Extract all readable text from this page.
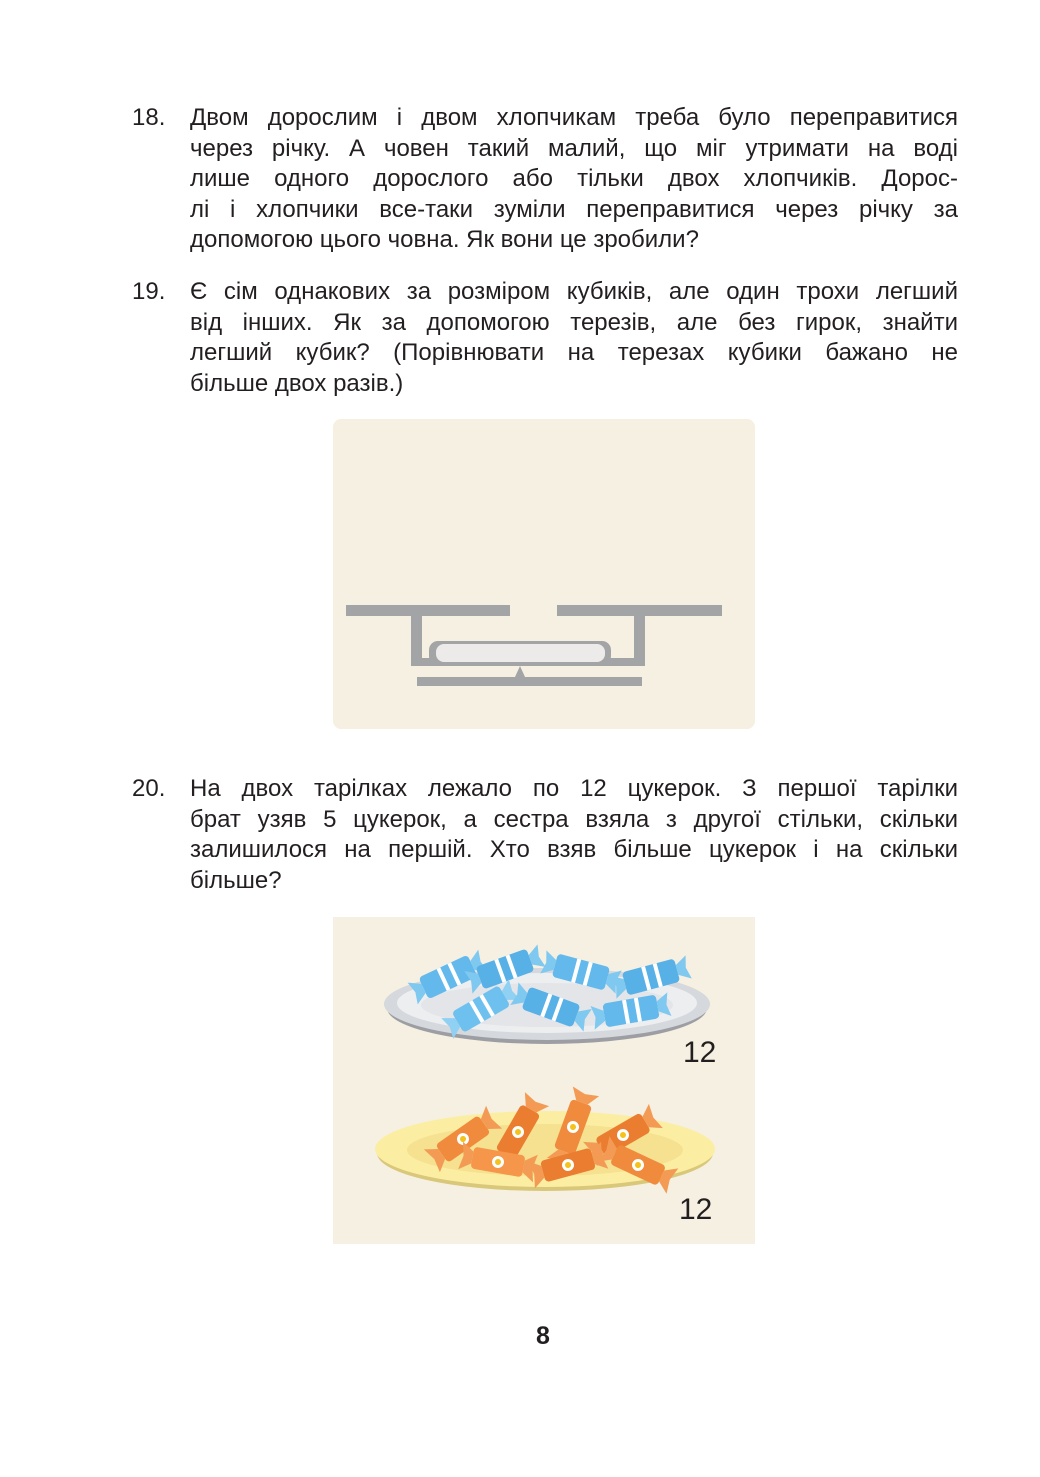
18. Двом дорослим і двом хлопчикам треба було переправитися
через річку. А човен такий малий, що міг утримати на воді
лише одного дорослого або тільки двох хлопчиків. Дорос-
лі і хлопчики все-таки зуміли переправитися через річку за
допомогою цього човна. Як вони це зробили?
19. Є сім однакових за розміром кубиків, але один трохи легший
від інших. Як за допомогою терезів, але без гирок, знайти
легший кубик? (Порівнювати на терезах кубики бажано не
більше двох разів.)
20. На двох тарілках лежало по 12 цукерок. З першої тарілки
брат узяв 5 цукерок, а сестра взяла з другої стільки, скільки
залишилося на першій. Хто взяв більше цукерок і на скільки
більше?
12
12
8
